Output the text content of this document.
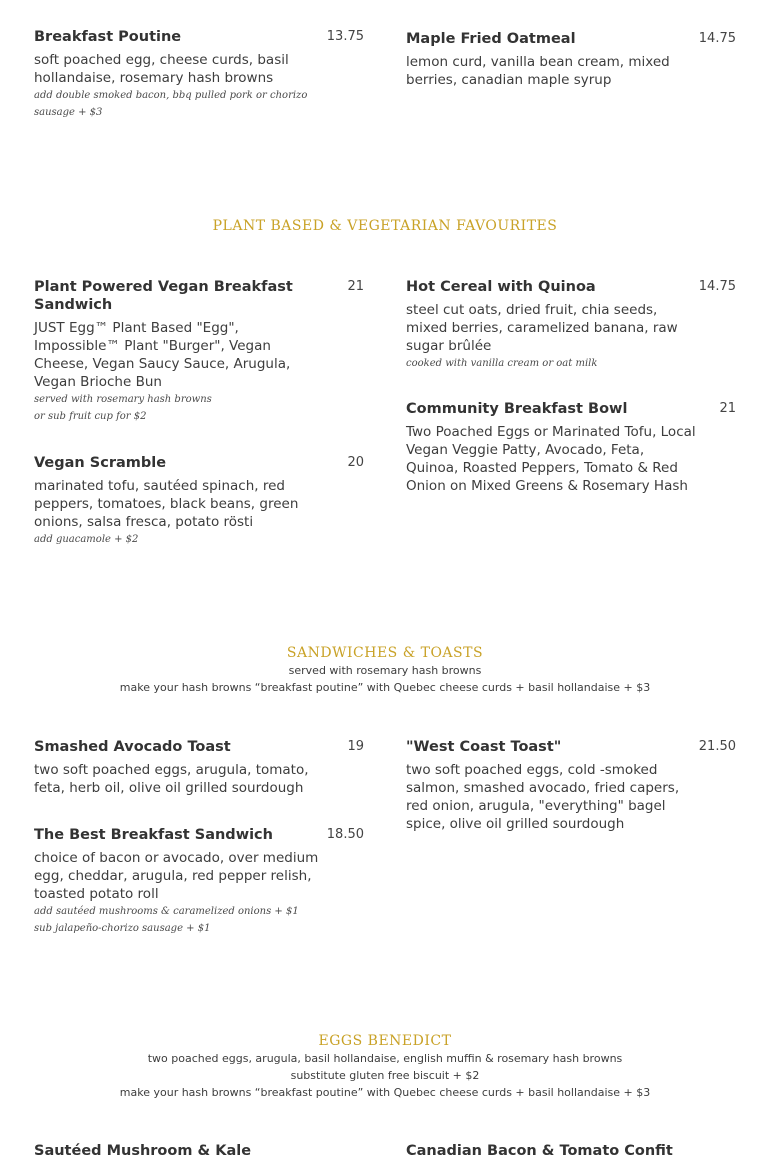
Breakfast Poutine	13.75
soft poached egg, cheese curds, basil hollandaise, rosemary hash browns
add double smoked bacon, bbq pulled pork or chorizo
sausage + $3
Maple Fried Oatmeal	14.75
lemon curd, vanilla bean cream, mixed berries, canadian maple syrup
PLANT BASED & VEGETARIAN FAVOURITES
Plant Powered Vegan Breakfast Sandwich
21
JUST Egg™ Plant Based "Egg", Impossible™ Plant "Burger", Vegan Cheese, Vegan Saucy Sauce, Arugula, Vegan Brioche Bun
served with rosemary hash browns
or sub fruit cup for $2
Hot Cereal with Quinoa	14.75
steel cut oats, dried fruit, chia seeds, mixed berries, caramelized banana, raw sugar brûlée
cooked with vanilla cream or oat milk
Community Breakfast Bowl	21
Two Poached Eggs or Marinated Tofu, Local Vegan Veggie Patty, Avocado, Feta, Quinoa, Roasted Peppers, Tomato & Red Onion on Mixed Greens & Rosemary Hash
Vegan Scramble	20
marinated tofu, sautéed spinach, red peppers, tomatoes, black beans, green onions, salsa fresca, potato rösti
add guacamole + $2
SANDWICHES & TOASTS
served with rosemary hash browns
make your hash browns “breakfast poutine” with Quebec cheese curds + basil hollandaise + $3
Smashed Avocado Toast	19
two soft poached eggs, arugula, tomato, feta, herb oil, olive oil grilled sourdough
"West Coast Toast"	21.50
two soft poached eggs, cold -smoked salmon, smashed avocado, fried capers, red onion, arugula, "everything" bagel spice, olive oil grilled sourdough
The Best Breakfast Sandwich	18.50
choice of bacon or avocado, over medium egg, cheddar, arugula, red pepper relish, toasted potato roll
add sautéed mushrooms & caramelized onions + $1
sub jalapeño-chorizo sausage + $1
EGGS BENEDICT
two poached eggs, arugula, basil hollandaise, english muffin & rosemary hash browns
substitute gluten free biscuit + $2
make your hash browns “breakfast poutine” with Quebec cheese curds + basil hollandaise + $3
Sautéed Mushroom & Kale	Canadian Bacon & Tomato Confit
